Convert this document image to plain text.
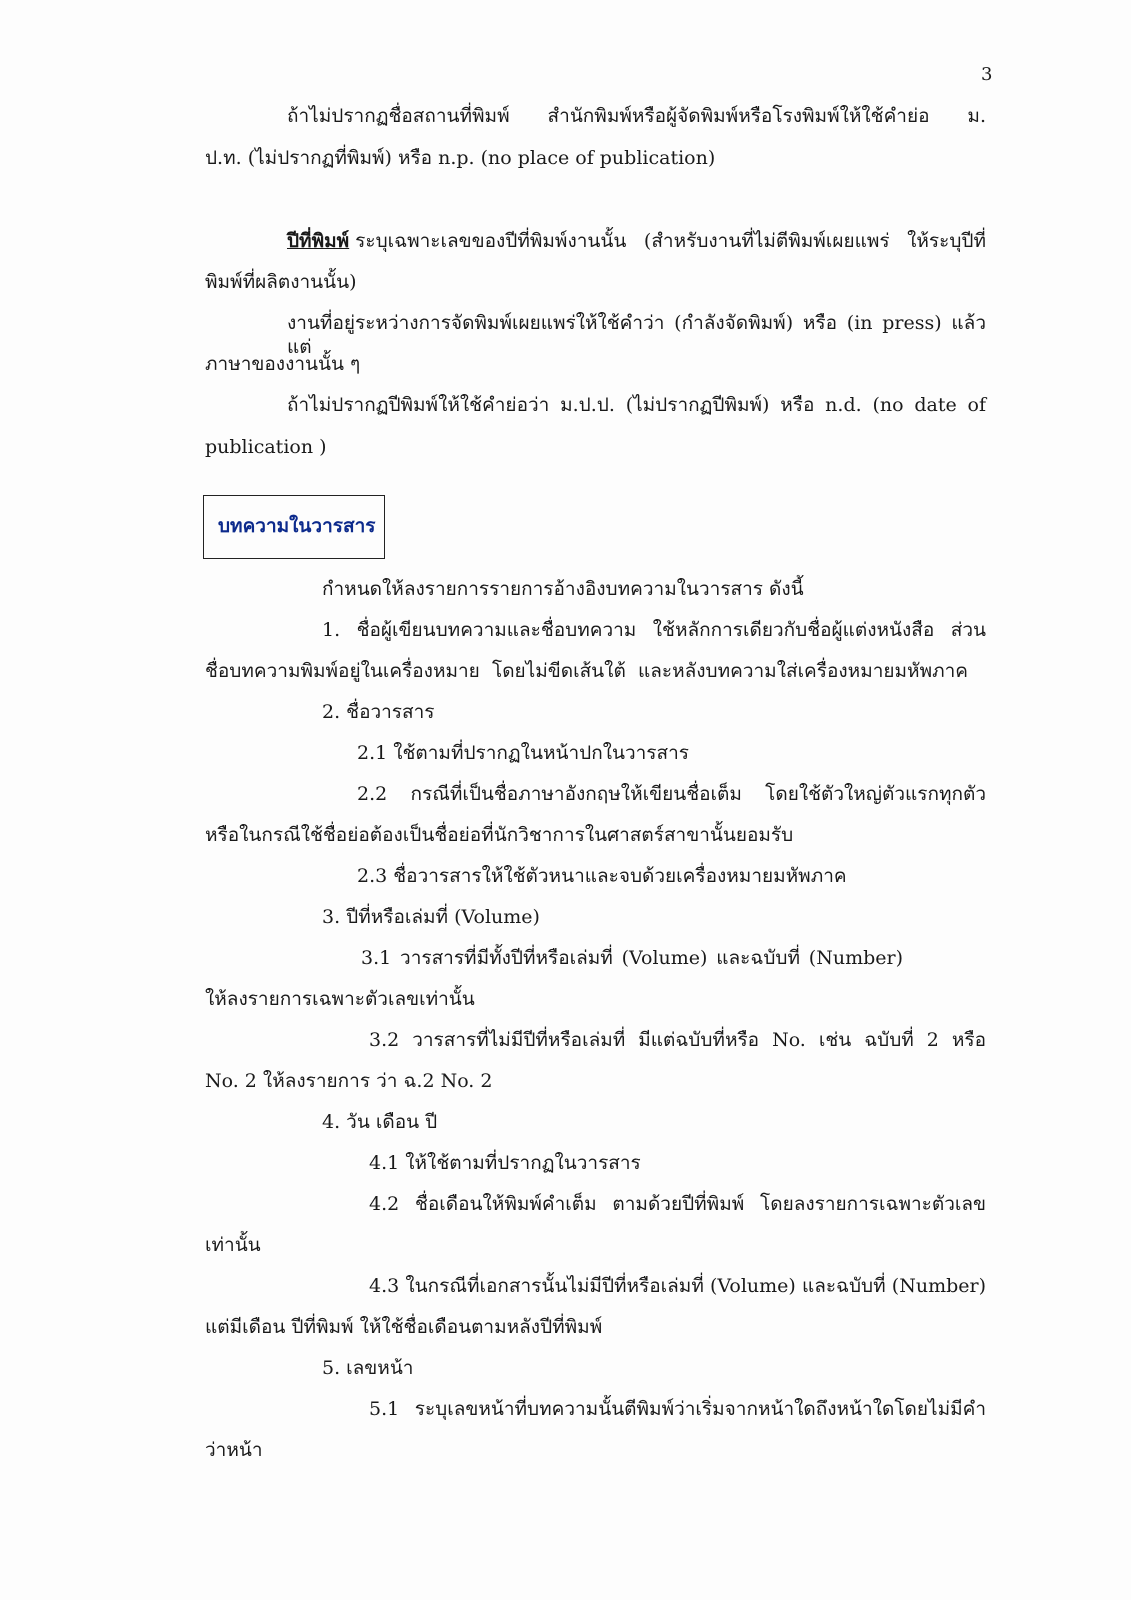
3
ถ้าไม่ปรากฏชื่อสถานที่พิมพ์ สำนักพิมพ์หรือผู้จัดพิมพ์หรือโรงพิมพ์ให้ใช้คำย่อ ม.
ป.ท. (ไม่ปรากฏที่พิมพ์) หรือ n.p. (no place of publication)
ปีที่พิมพ์ ระบุเฉพาะเลขของปีที่พิมพ์งานนั้น (สำหรับงานที่ไม่ตีพิมพ์เผยแพร่ ให้ระบุปีที่
พิมพ์ที่ผลิตงานนั้น)
งานที่อยู่ระหว่างการจัดพิมพ์เผยแพร่ให้ใช้คำว่า (กำลังจัดพิมพ์) หรือ (in press) แล้วแต่
ภาษาของงานนั้น ๆ
ถ้าไม่ปรากฏปีพิมพ์ให้ใช้คำย่อว่า ม.ป.ป. (ไม่ปรากฏปีพิมพ์) หรือ n.d. (no date of
publication )
บทความในวารสาร
กำหนดให้ลงรายการรายการอ้างอิงบทความในวารสาร ดังนี้
1. ชื่อผู้เขียนบทความและชื่อบทความ ใช้หลักการเดียวกับชื่อผู้แต่งหนังสือ ส่วน
ชื่อบทความพิมพ์อยู่ในเครื่องหมาย โดยไม่ขีดเส้นใต้ และหลังบทความใส่เครื่องหมายมหัพภาค
2. ชื่อวารสาร
2.1 ใช้ตามที่ปรากฏในหน้าปกในวารสาร
2.2 กรณีที่เป็นชื่อภาษาอังกฤษให้เขียนชื่อเต็ม โดยใช้ตัวใหญ่ตัวแรกทุกตัว
หรือในกรณีใช้ชื่อย่อต้องเป็นชื่อย่อที่นักวิชาการในศาสตร์สาขานั้นยอมรับ
2.3 ชื่อวารสารให้ใช้ตัวหนาและจบด้วยเครื่องหมายมหัพภาค
3. ปีที่หรือเล่มที่ (Volume)
3.1 วารสารที่มีทั้งปีที่หรือเล่มที่ (Volume) และฉบับที่ (Number)
ให้ลงรายการเฉพาะตัวเลขเท่านั้น
3.2 วารสารที่ไม่มีปีที่หรือเล่มที่ มีแต่ฉบับที่หรือ No. เช่น ฉบับที่ 2 หรือ
No. 2 ให้ลงรายการ ว่า ฉ.2 No. 2
4. วัน เดือน ปี
4.1 ให้ใช้ตามที่ปรากฏในวารสาร
4.2 ชื่อเดือนให้พิมพ์คำเต็ม ตามด้วยปีที่พิมพ์ โดยลงรายการเฉพาะตัวเลข
เท่านั้น
4.3 ในกรณีที่เอกสารนั้นไม่มีปีที่หรือเล่มที่ (Volume) และฉบับที่ (Number)
แต่มีเดือน ปีที่พิมพ์ ให้ใช้ชื่อเดือนตามหลังปีที่พิมพ์
5. เลขหน้า
5.1 ระบุเลขหน้าที่บทความนั้นตีพิมพ์ว่าเริ่มจากหน้าใดถึงหน้าใดโดยไม่มีคำ
ว่าหน้า
